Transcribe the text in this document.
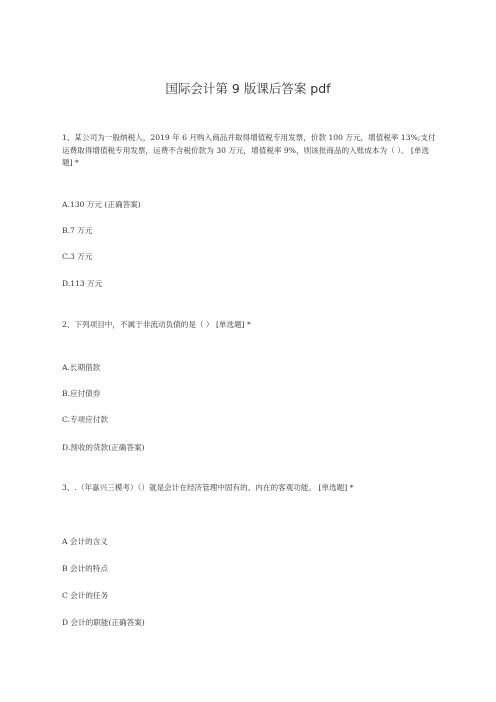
国际会计第 9 版课后答案 pdf
1、某公司为一般纳税人，2019 年 6 月购入商品并取得增值税专用发票，价款 100 万元，增值税率 13%;支付运费取得增值税专用发票，运费不含税价款为 30 万元，增值税率 9%，则该批商品的入账成本为（ ）。 [单选题] *
A.130 万元 (正确答案)
B.7 万元
C.3 万元
D.113 万元
2、下列项目中，不属于非流动负债的是（ ） [单选题] *
A.长期借款
B.应付债券
C.专项应付款
D.预收的货款(正确答案)
3、.（年嘉兴三模考）（）就是会计在经济管理中固有的、内在的客观功能。 [单选题] *
A 会计的含义
B 会计的特点
C 会计的任务
D 会计的职能(正确答案)
